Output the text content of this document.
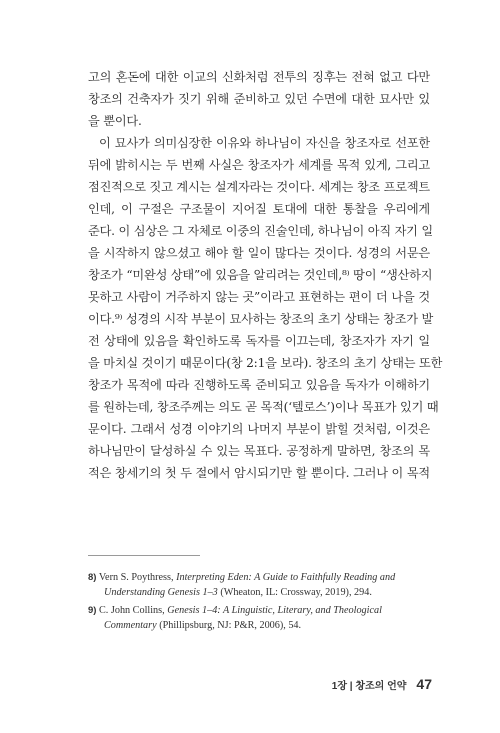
고의 혼돈에 대한 이교의 신화처럼 전투의 징후는 전혀 없고 다만
창조의 건축자가 짓기 위해 준비하고 있던 수면에 대한 묘사만 있
을 뿐이다.
이 묘사가 의미심장한 이유와 하나님이 자신을 창조자로 선포한
뒤에 밝히시는 두 번째 사실은 창조자가 세계를 목적 있게, 그리고
점진적으로 짓고 계시는 설계자라는 것이다. 세계는 창조 프로젝트
인데, 이 구절은 구조물이 지어질 토대에 대한 통찰을 우리에게
준다. 이 심상은 그 자체로 이중의 진술인데, 하나님이 아직 자기 일
을 시작하지 않으셨고 해야 할 일이 많다는 것이다. 성경의 서문은
창조가 “미완성 상태”에 있음을 알리려는 것인데,⁸⁾ 땅이 “생산하지
못하고 사람이 거주하지 않는 곳”이라고 표현하는 편이 더 나을 것
이다.⁹⁾ 성경의 시작 부분이 묘사하는 창조의 초기 상태는 창조가 발
전 상태에 있음을 확인하도록 독자를 이끄는데, 창조자가 자기 일
을 마치실 것이기 때문이다(창 2:1을 보라). 창조의 초기 상태는 또한
창조가 목적에 따라 진행하도록 준비되고 있음을 독자가 이해하기
를 원하는데, 창조주께는 의도 곧 목적(‘텔로스’)이나 목표가 있기 때
문이다. 그래서 성경 이야기의 나머지 부분이 밝힐 것처럼, 이것은
하나님만이 달성하실 수 있는 목표다. 공정하게 말하면, 창조의 목
적은 창세기의 첫 두 절에서 암시되기만 할 뿐이다. 그러나 이 목적
8) Vern S. Poythress, Interpreting Eden: A Guide to Faithfully Reading and
Understanding Genesis 1–3 (Wheaton, IL: Crossway, 2019), 294.
9) C. John Collins, Genesis 1–4: A Linguistic, Literary, and Theological
Commentary (Phillipsburg, NJ: P&R, 2006), 54.
1장 | 창조의 언약 47
